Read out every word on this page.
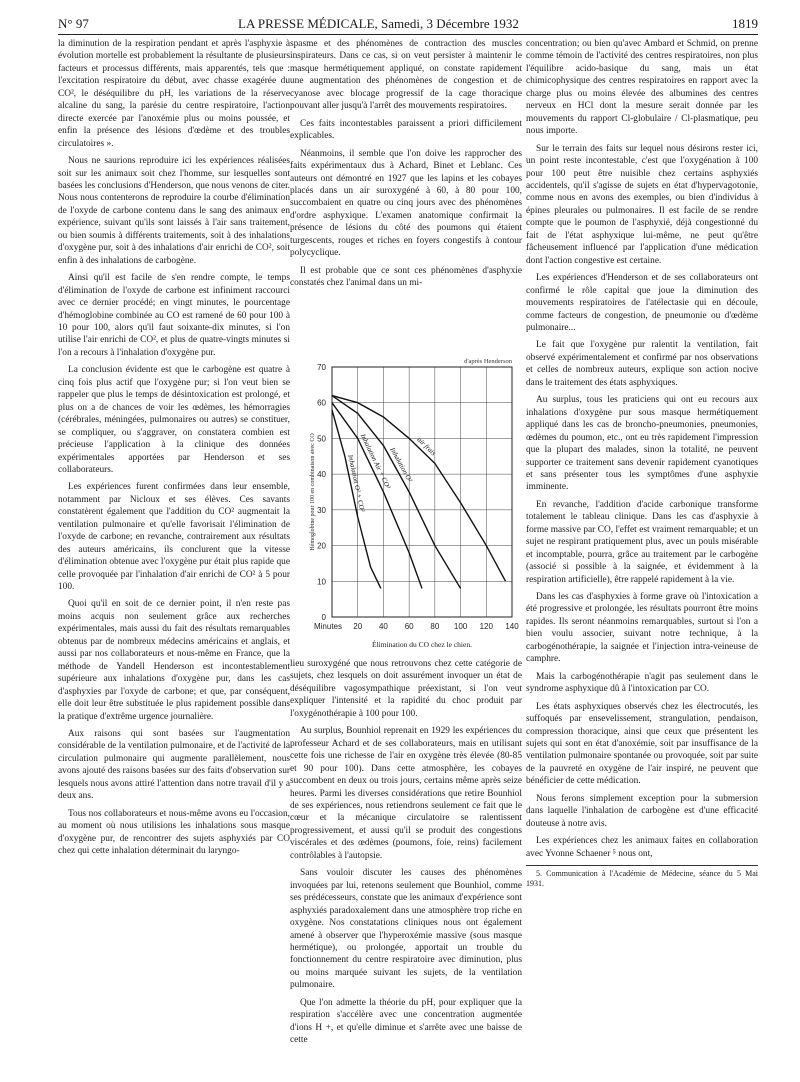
N° 97	LA PRESSE MÉDICALE, Samedi, 3 Décembre 1932	1819

la diminution de la respiration pendant et après l'asphyxie à évolution mortelle est probablement la résultante de plusieurs facteurs et processus différents, mais apparentés, tels que : l'excitation respiratoire du début, avec chasse exagérée du CO², le déséquilibre du pH, les variations de la réserve alcaline du sang, la parésie du centre respiratoire, l'action directe exercée par l'anoxémie plus ou moins poussée, et enfin la présence des lésions d'œdème et des troubles circulatoires ».

Nous ne saurions reproduire ici les expériences réalisées soit sur les animaux soit chez l'homme, sur lesquelles sont basées les conclusions d'Henderson, que nous venons de citer. Nous nous contenterons de reproduire la courbe d'élimination de l'oxyde de carbone contenu dans le sang des animaux en expérience, suivant qu'ils sont laissés à l'air sans traitement, ou bien soumis à différents traitements, soit à des inhalations d'oxygène pur, soit à des inhalations d'air enrichi de CO², soit enfin à des inhalations de carbogène.

Ainsi qu'il est facile de s'en rendre compte, le temps d'élimination de l'oxyde de carbone est infiniment raccourci avec ce dernier procédé; en vingt minutes, le pourcentage d'hémoglobine combinée au CO est ramené de 60 pour 100 à 10 pour 100, alors qu'il faut soixante-dix minutes, si l'on utilise l'air enrichi de CO², et plus de quatre-vingts minutes si l'on a recours à l'inhalation d'oxygène pur.

La conclusion évidente est que le carbogène est quatre à cinq fois plus actif que l'oxygène pur; si l'on veut bien se rappeler que plus le temps de désintoxication est prolongé, et plus on a de chances de voir les œdèmes, les hémorragies (cérébrales, méningées, pulmonaires ou autres) se constituer, se compliquer, ou s'aggraver, on constatera combien est précieuse l'application à la clinique des données expérimentales apportées par Henderson et ses collaborateurs.

Les expériences furent confirmées dans leur ensemble, notamment par Nicloux et ses élèves. Ces savants constatèrent également que l'addition du CO² augmentait la ventilation pulmonaire et qu'elle favorisait l'élimination de l'oxyde de carbone; en revanche, contrairement aux résultats des auteurs américains, ils conclurent que la vitesse d'élimination obtenue avec l'oxygène pur était plus rapide que celle provoquée par l'inhalation d'air enrichi de CO² à 5 pour 100.

Quoi qu'il en soit de ce dernier point, il n'en reste pas moins acquis non seulement grâce aux recherches expérimentales, mais aussi du fait des résultats remarquables obtenus par de nombreux médecins américains et anglais, et aussi par nos collaborateurs et nous-même en France, que la méthode de Yandell Henderson est incontestablement supérieure aux inhalations d'oxygène pur, dans les cas d'asphyxies par l'oxyde de carbone; et que, par conséquent, elle doit leur être substituée le plus rapidement possible dans la pratique d'extrême urgence journalière.

Aux raisons qui sont basées sur l'augmentation considérable de la ventilation pulmonaire, et de l'activité de la circulation pulmonaire qui augmente parallèlement, nous avons ajouté des raisons basées sur des faits d'observation sur lesquels nous avons attiré l'attention dans notre travail d'il y a deux ans.

Tous nos collaborateurs et nous-même avons eu l'occasion, au moment où nous utilisions les inhalations sous masque d'oxygène pur, de rencontrer des sujets asphyxiés par CO chez qui cette inhalation déterminait du laryngo-

spasme et des phénomènes de contraction des muscles inspirateurs. Dans ce cas, si on veut persister à maintenir le masque hermétiquement appliqué, on constate rapidement une augmentation des phénomènes de congestion et de cyanose avec blocage progressif de la cage thoracique pouvant aller jusqu'à l'arrêt des mouvements respiratoires.

Ces faits incontestables paraissent a priori difficilement explicables.

Néanmoins, il semble que l'on doive les rapprocher des faits expérimentaux dus à Achard, Binet et Leblanc. Ces auteurs ont démontré en 1927 que les lapins et les cobayes placés dans un air suroxygéné à 60, à 80 pour 100, succombaient en quatre ou cinq jours avec des phénomènes d'ordre asphyxique. L'examen anatomique confirmait la présence de lésions du côté des poumons qui étaient turgescents, rouges et riches en foyers congestifs à contour polycyclique.

Il est probable que ce sont ces phénomènes d'asphyxie constatés chez l'animal dans un mi-

d'après Henderson
0
10
20
30
40
50
60
70
Minutes 20 40 60 80 100 120 140
Hémoglobine pour 100 en combinaison avec CO	air frais
Inhalation O²
Inhalation Air + CO²
Inhalation O² + CO²
Élimination du CO chez le chien.

lieu suroxygéné que nous retrouvons chez cette catégorie de sujets, chez lesquels on doit assurément invoquer un état de déséquilibre vagosympathique préexistant, si l'on veut expliquer l'intensité et la rapidité du choc produit par l'oxygénothérapie à 100 pour 100.

Au surplus, Bounhiol reprenait en 1929 les expériences du professeur Achard et de ses collaborateurs, mais en utilisant cette fois une richesse de l'air en oxygène très élevée (80-85 et 90 pour 100). Dans cette atmosphère, les cobayes succombent en deux ou trois jours, certains même après seize heures. Parmi les diverses considérations que retire Bounhiol de ses expériences, nous retiendrons seulement ce fait que le cœur et la mécanique circulatoire se ralentissent progressivement, et aussi qu'il se produit des congestions viscérales et des œdèmes (poumons, foie, reins) facilement contrôlables à l'autopsie.

Sans vouloir discuter les causes des phénomènes invoquées par lui, retenons seulement que Bounhiol, comme ses prédécesseurs, constate que les animaux d'expérience sont asphyxiés paradoxalement dans une atmosphère trop riche en oxygène. Nos constatations cliniques nous ont également amené à observer que l'hyperoxémie massive (sous masque hermétique), ou prolongée, apportait un trouble du fonctionnement du centre respiratoire avec diminution, plus ou moins marquée suivant les sujets, de la ventilation pulmonaire.

Que l'on admette la théorie du pH, pour expliquer que la respiration s'accélère avec une concentration augmentée d'ions H +, et qu'elle diminue et s'arrête avec une baisse de cette

concentration; ou bien qu'avec Ambard et Schmid, on prenne comme témoin de l'activité des centres respiratoires, non plus l'équilibre acido-basique du sang, mais un état chimicophysique des centres respiratoires en rapport avec la charge plus ou moins élevée des albumines des centres nerveux en HCl dont la mesure serait donnée par les mouvements du rapport Cl-globulaire / Cl-plasmatique, peu nous importe.

Sur le terrain des faits sur lequel nous désirons rester ici, un point reste incontestable, c'est que l'oxygénation à 100 pour 100 peut être nuisible chez certains asphyxiés accidentels, qu'il s'agisse de sujets en état d'hypervagotonie, comme nous en avons des exemples, ou bien d'individus à épines pleurales ou pulmonaires. Il est facile de se rendre compte que le poumon de l'asphyxié, déjà congestionné du fait de l'état asphyxique lui-même, ne peut qu'être fâcheusement influencé par l'application d'une médication dont l'action congestive est certaine.

Les expériences d'Henderson et de ses collaborateurs ont confirmé le rôle capital que joue la diminution des mouvements respiratoires de l'atélectasie qui en découle, comme facteurs de congestion, de pneumonie ou d'œdème pulmonaire...

Le fait que l'oxygène pur ralentit la ventilation, fait observé expérimentalement et confirmé par nos observations et celles de nombreux auteurs, explique son action nocive dans le traitement des états asphyxiques.

Au surplus, tous les praticiens qui ont eu recours aux inhalations d'oxygène pur sous masque hermétiquement appliqué dans les cas de broncho-pneumonies, pneumonies, œdèmes du poumon, etc., ont eu très rapidement l'impression que la plupart des malades, sinon la totalité, ne peuvent supporter ce traitement sans devenir rapidement cyanotiques et sans présenter tous les symptômes d'une asphyxie imminente.

En revanche, l'addition d'acide carbonique transforme totalement le tableau clinique. Dans les cas d'asphyxie à forme massive par CO, l'effet est vraiment remarquable; et un sujet ne respirant pratiquement plus, avec un pouls misérable et incomptable, pourra, grâce au traitement par le carbogène (associé si possible à la saignée, et évidemment à la respiration artificielle), être rappelé rapidement à la vie.

Dans les cas d'asphyxies à forme grave où l'intoxication a été progressive et prolongée, les résultats pourront être moins rapides. Ils seront néanmoins remarquables, surtout si l'on a bien voulu associer, suivant notre technique, à la carbogénothérapie, la saignée et l'injection intra-veineuse de camphre.

Mais la carbogénothérapie n'agit pas seulement dans le syndrome asphyxique dû à l'intoxication par CO.

Les états asphyxiques observés chez les électrocutés, les suffoqués par ensevelissement, strangulation, pendaison, compression thoracique, ainsi que ceux que présentent les sujets qui sont en état d'anoxémie, soit par insuffisance de la ventilation pulmonaire spontanée ou provoquée, soit par suite de la pauvreté en oxygène de l'air inspiré, ne peuvent que bénéficier de cette médication.

Nous ferons simplement exception pour la submersion dans laquelle l'inhalation de carbogène est d'une efficacité douteuse à notre avis.

Les expériences chez les animaux faites en collaboration avec Yvonne Schaener ⁵ nous ont,

5. Communication à l'Académie de Médecine, séance du 5 Mai 1931.
